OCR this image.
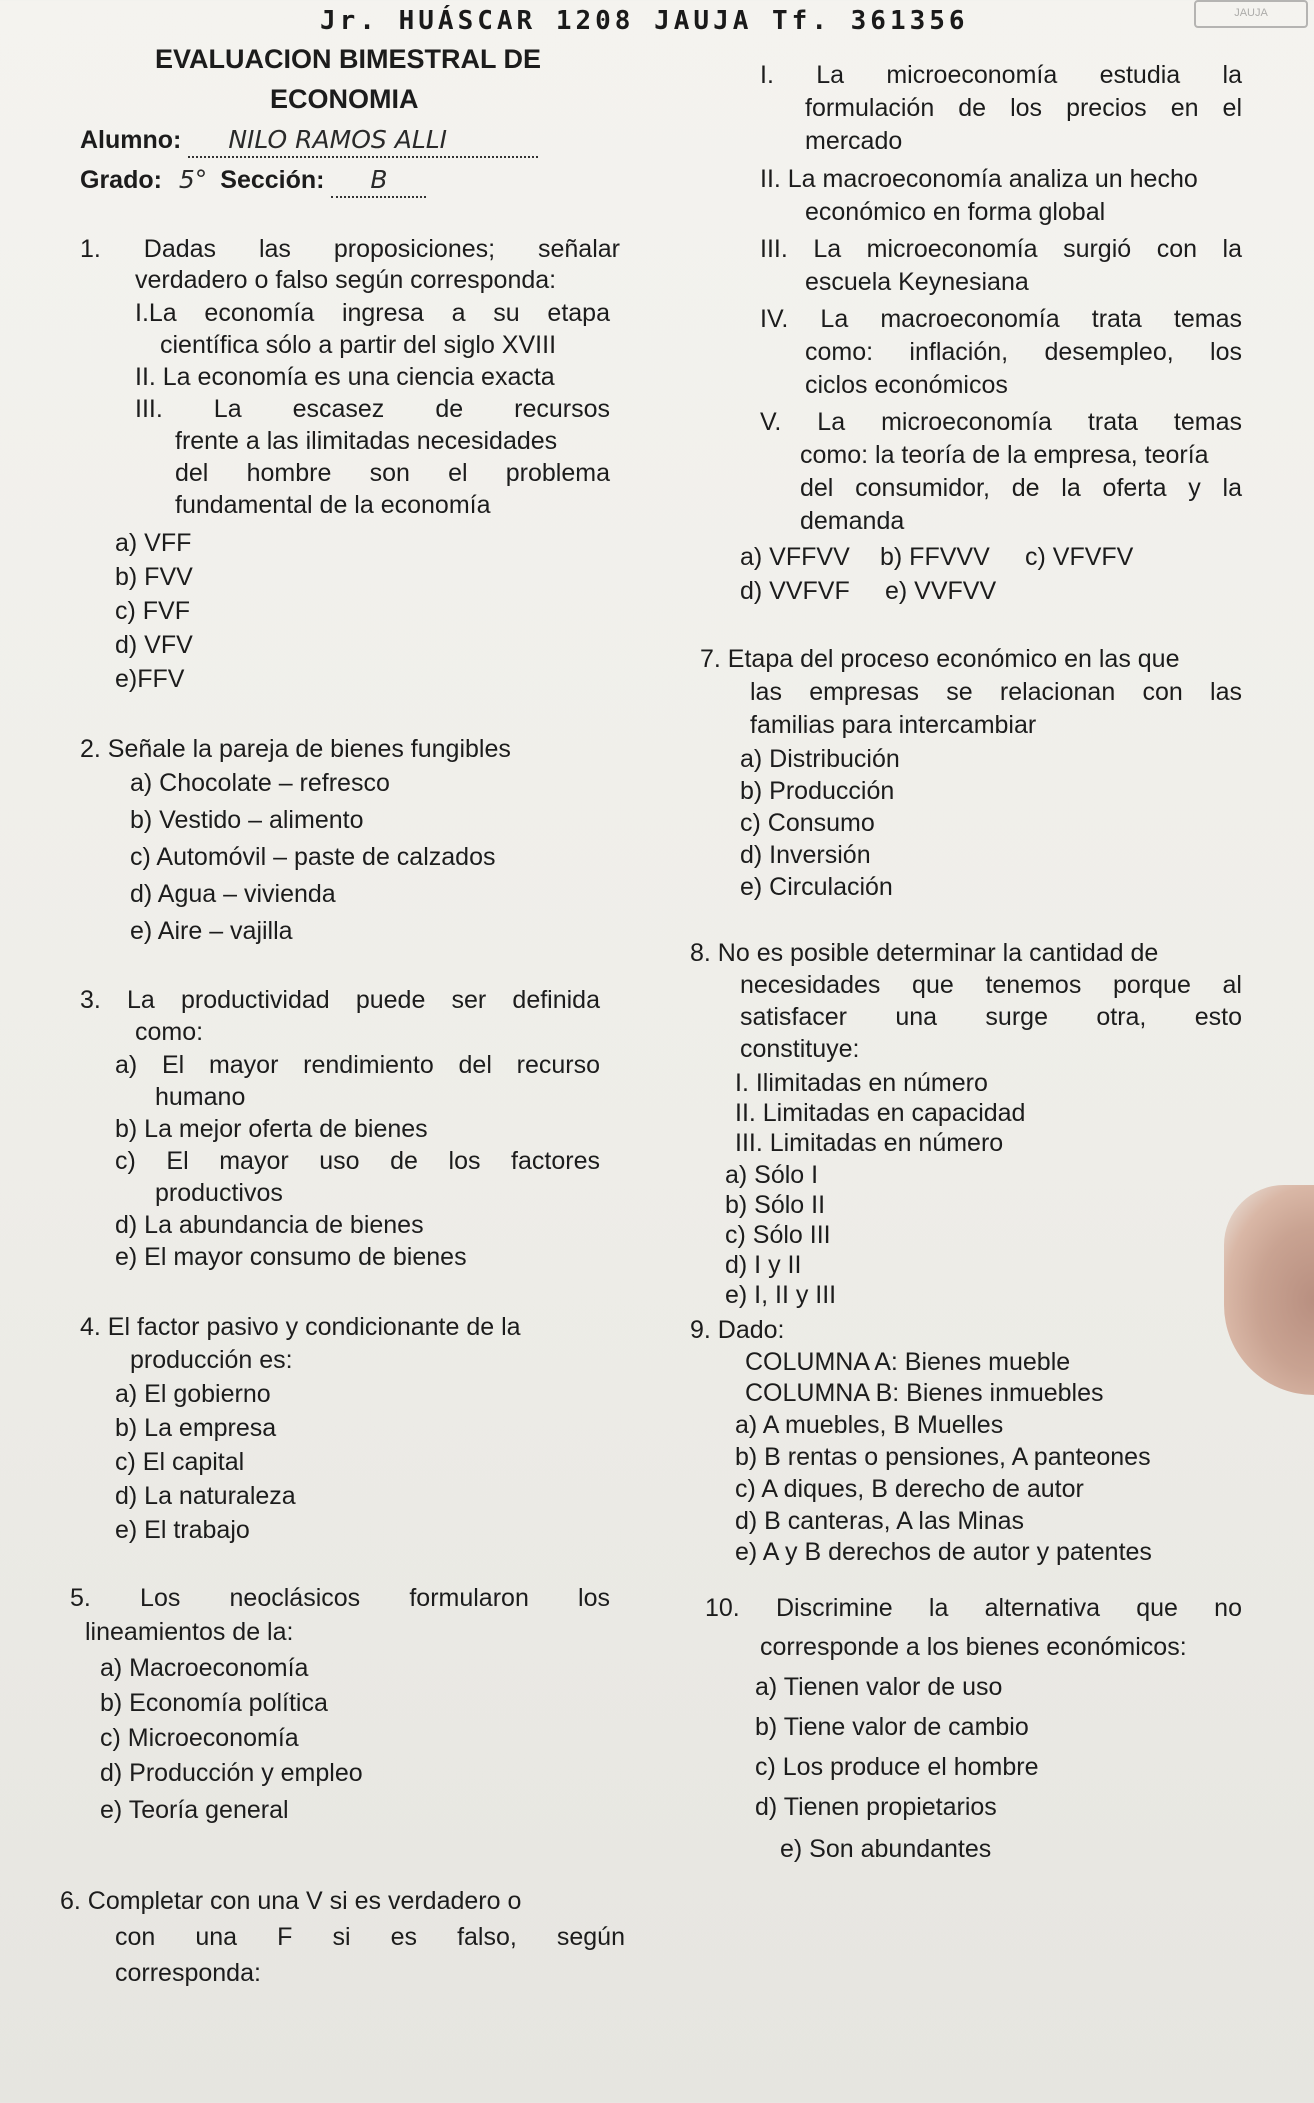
Jr. HUÁSCAR 1208 JAUJA Tf. 361356	JAUJA
EVALUACION BIMESTRAL DE
ECONOMIA
Alumno: NILO RAMOS ALLI
Grado: 5° Sección: B
1. Dadas las proposiciones; señalar
verdadero o falso según corresponda:
I.La economía ingresa a su etapa
científica sólo a partir del siglo XVIII
II. La economía es una ciencia exacta
III. La escasez de recursos
frente a las ilimitadas necesidades
del hombre son el problema
fundamental de la economía
a) VFF
b) FVV
c) FVF
d) VFV
e)FFV
2. Señale la pareja de bienes fungibles
a) Chocolate – refresco
b) Vestido – alimento
c) Automóvil – paste de calzados
d) Agua – vivienda
e) Aire – vajilla
3. La productividad puede ser definida
como:
a) El mayor rendimiento del recurso
humano
b) La mejor oferta de bienes
c) El mayor uso de los factores
productivos
d) La abundancia de bienes
e) El mayor consumo de bienes
4. El factor pasivo y condicionante de la
producción es:
a) El gobierno
b) La empresa
c) El capital
d) La naturaleza
e) El trabajo
5. Los neoclásicos formularon los
lineamientos de la:
a) Macroeconomía
b) Economía política
c) Microeconomía
d) Producción y empleo
e) Teoría general
6. Completar con una V si es verdadero o
con una F si es falso, según
corresponda:
I. La microeconomía estudia la
formulación de los precios en el
mercado
II. La macroeconomía analiza un hecho
económico en forma global
III. La microeconomía surgió con la
escuela Keynesiana
IV. La macroeconomía trata temas
como: inflación, desempleo, los
ciclos económicos
V. La microeconomía trata temas
como: la teoría de la empresa, teoría
del consumidor, de la oferta y la
demanda
a) VFFVV b) FFVVV c) VFVFV
d) VVFVF e) VVFVV
7. Etapa del proceso económico en las que
las empresas se relacionan con las
familias para intercambiar
a) Distribución
b) Producción
c) Consumo
d) Inversión
e) Circulación
8. No es posible determinar la cantidad de
necesidades que tenemos porque al
satisfacer una surge otra, esto
constituye:
I. Ilimitadas en número
II. Limitadas en capacidad
III. Limitadas en número
a) Sólo I
b) Sólo II
c) Sólo III
d) I y II
e) I, II y III
9. Dado:
COLUMNA A: Bienes mueble
COLUMNA B: Bienes inmuebles
a) A muebles, B Muelles
b) B rentas o pensiones, A panteones
c) A diques, B derecho de autor
d) B canteras, A las Minas
e) A y B derechos de autor y patentes
10. Discrimine la alternativa que no
corresponde a los bienes económicos:
a) Tienen valor de uso
b) Tiene valor de cambio
c) Los produce el hombre
d) Tienen propietarios
e) Son abundantes
